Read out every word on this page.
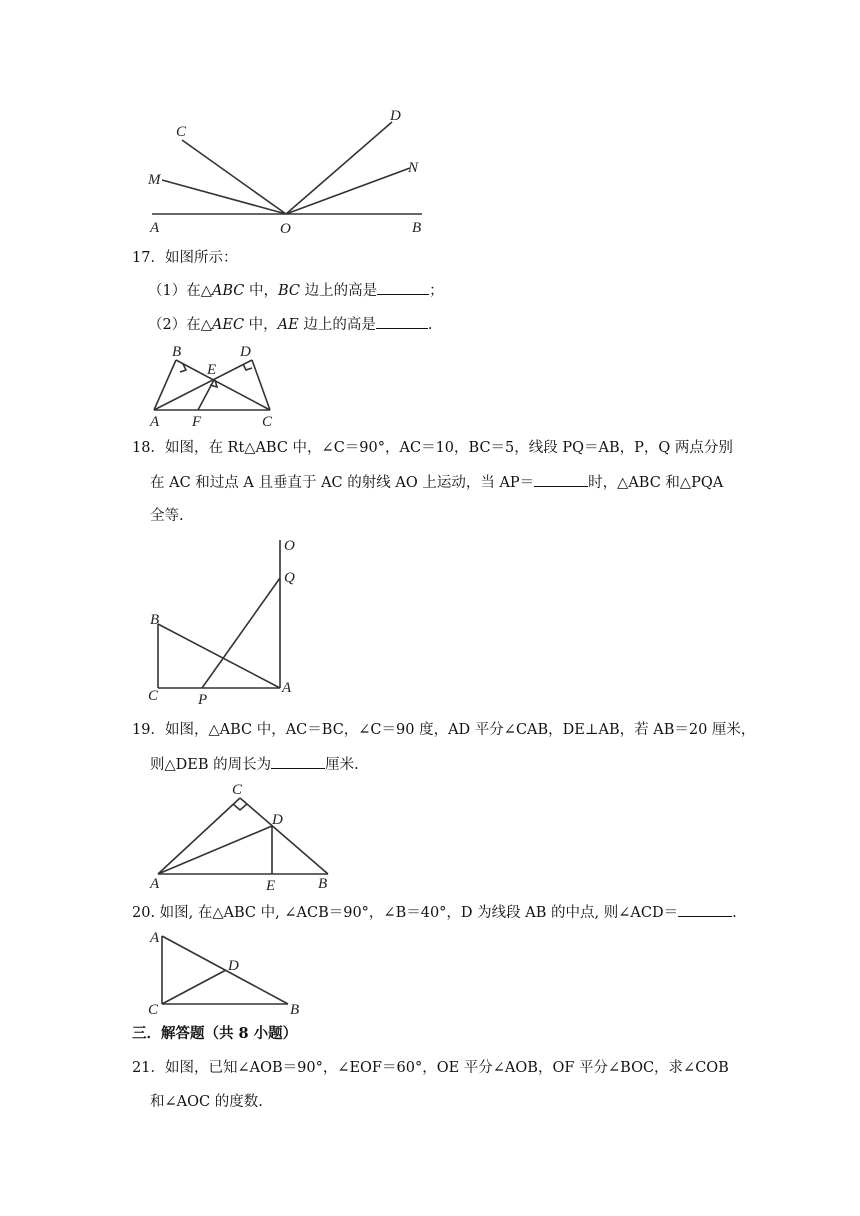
C
M
D
N
A	O	B
17．如图所示：
（1）在△ABC 中，BC 边上的高是	；
（2）在△AEC 中，AE 边上的高是	.
B	D
E
A F	C
18．如图，在 Rt△ABC 中，∠C＝90°，AC＝10，BC＝5，线段 PQ＝AB，P，Q 两点分别
在 AC 和过点 A 且垂直于 AC 的射线 AO 上运动，当 AP＝	时，△ABC 和△PQA
全等.
O
Q
B
C	P
A
19．如图，△ABC 中，AC＝BC，∠C＝90 度，AD 平分∠CAB，DE⊥AB，若 AB＝20 厘米，
则△DEB 的周长为	厘米.
C
D
A	E	B
20. 如图, 在△ABC 中, ∠ACB＝90°，∠B＝40°，D 为线段 AB 的中点, 则∠ACD＝	.
A
D
C	B
三．解答题（共 8 小题）
21．如图，已知∠AOB＝90°，∠EOF＝60°，OE 平分∠AOB，OF 平分∠BOC，求∠COB
和∠AOC 的度数.
